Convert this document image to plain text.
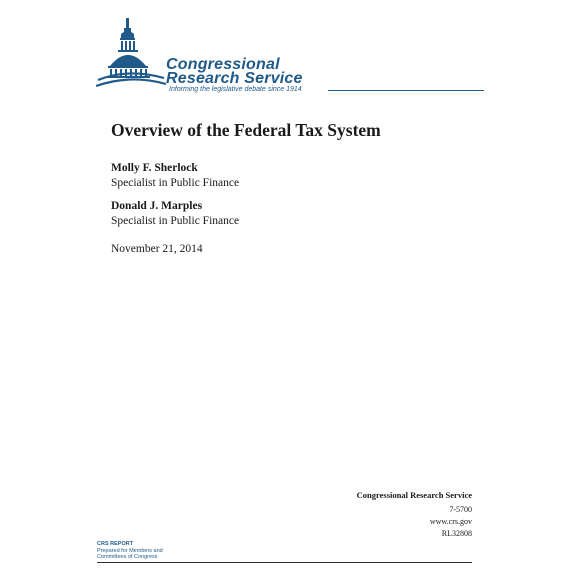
Congressional
Research Service
Informing the legislative debate since 1914
Overview of the Federal Tax System
Molly F. Sherlock
Specialist in Public Finance
Donald J. Marples
Specialist in Public Finance
November 21, 2014
Congressional Research Service
7-5700
www.crs.gov
RL32808
CRS REPORT
Prepared for Members and
Committees of Congress
